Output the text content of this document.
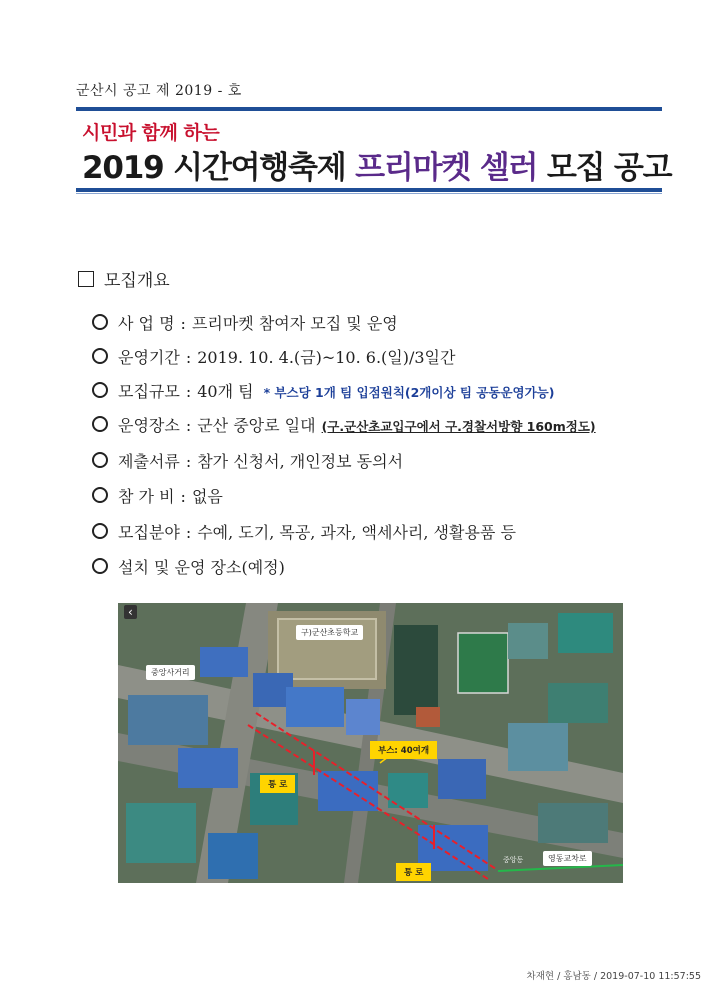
군산시 공고 제 2019 - 호
시민과 함께 하는
2019 시간여행축제 프리마켓 셀러 모집 공고
모집개요
사 업 명 : 프리마켓 참여자 모집 및 운영
운영기간 : 2019. 10. 4.(금)~10. 6.(일)/3일간
모집규모 : 40개 팀 * 부스당 1개 팀 입점원칙(2개이상 팀 공동운영가능)
운영장소 : 군산 중앙로 일대 (구.군산초교입구에서 구.경찰서방향 160m정도)
제출서류 : 참가 신청서, 개인정보 동의서
참 가 비 : 없음
모집분야 : 수예, 도기, 목공, 과자, 액세사리, 생활용품 등
설치 및 운영 장소(예정)
‹
구)군산초등학교
중앙사거리
부스: 40여개
통 로
통 로
중앙동	영동교차로
차재현 / 홍남동 / 2019-07-10 11:57:55
